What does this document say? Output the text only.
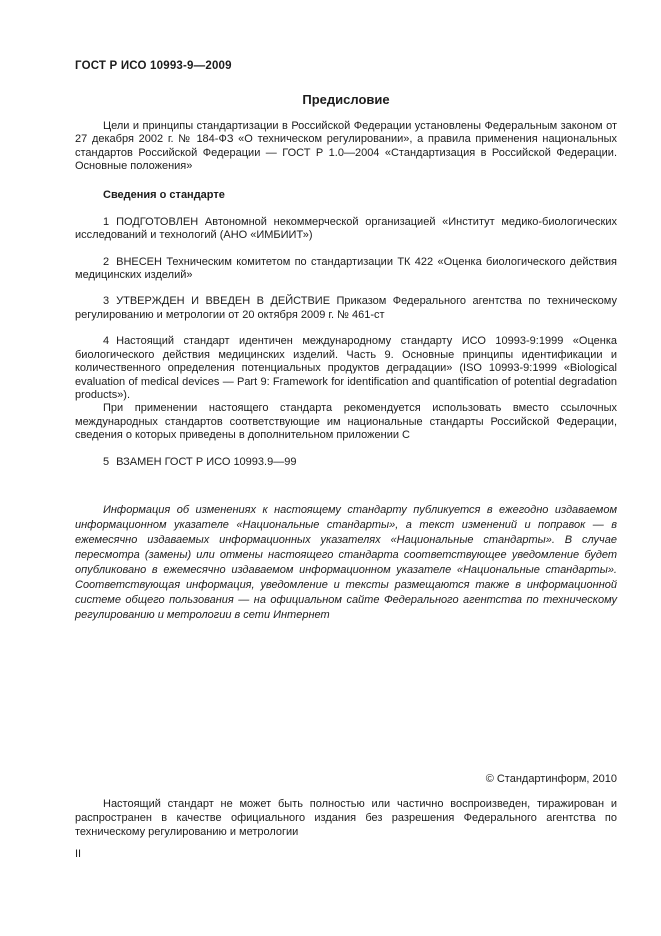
ГОСТ Р ИСО 10993-9—2009
Предисловие

Цели и принципы стандартизации в Российской Федерации установлены Федеральным законом от 27 декабря 2002 г. № 184-ФЗ «О техническом регулировании», а правила применения национальных стандартов Российской Федерации — ГОСТ Р 1.0—2004 «Стандартизация в Российской Федерации. Основные положения»

Сведения о стандарте

1 ПОДГОТОВЛЕН Автономной некоммерческой организацией «Институт медико-биологических исследований и технологий (АНО «ИМБИИТ»)

2 ВНЕСЕН Техническим комитетом по стандартизации ТК 422 «Оценка биологического действия медицинских изделий»

3 УТВЕРЖДЕН И ВВЕДЕН В ДЕЙСТВИЕ Приказом Федерального агентства по техническому регулированию и метрологии от 20 октября 2009 г. № 461-ст

4 Настоящий стандарт идентичен международному стандарту ИСО 10993-9:1999 «Оценка биологического действия медицинских изделий. Часть 9. Основные принципы идентификации и количественного определения потенциальных продуктов деградации» (ISO 10993-9:1999 «Biological evaluation of medical devices — Part 9: Framework for identification and quantification of potential degradation products»).

При применении настоящего стандарта рекомендуется использовать вместо ссылочных международных стандартов соответствующие им национальные стандарты Российской Федерации, сведения о которых приведены в дополнительном приложении С

5 ВЗАМЕН ГОСТ Р ИСО 10993.9—99

Информация об изменениях к настоящему стандарту публикуется в ежегодно издаваемом информационном указателе «Национальные стандарты», а текст изменений и поправок — в ежемесячно издаваемых информационных указателях «Национальные стандарты». В случае пересмотра (замены) или отмены настоящего стандарта соответствующее уведомление будет опубликовано в ежемесячно издаваемом информационном указателе «Национальные стандарты». Соответствующая информация, уведомление и тексты размещаются также в информационной системе общего пользования — на официальном сайте Федерального агентства по техническому регулированию и метрологии в сети Интернет

© Стандартинформ, 2010

Настоящий стандарт не может быть полностью или частично воспроизведен, тиражирован и распространен в качестве официального издания без разрешения Федерального агентства по техническому регулированию и метрологии

II
